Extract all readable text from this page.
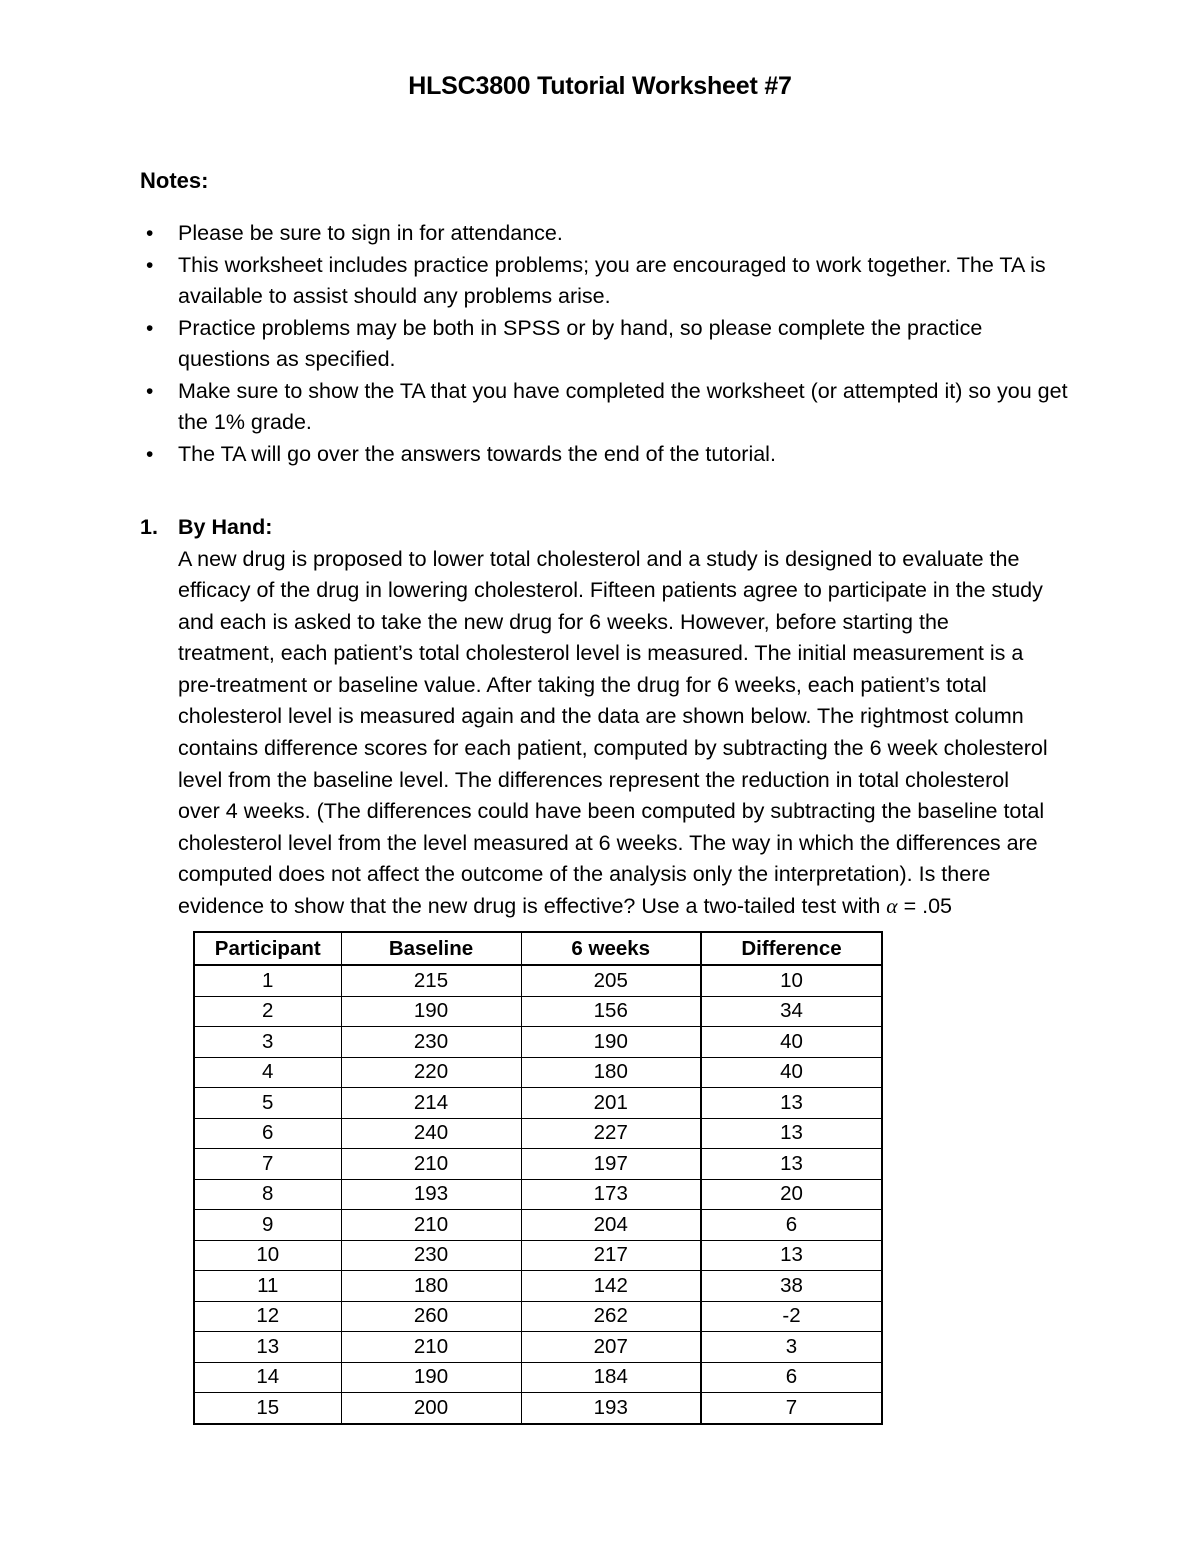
HLSC3800 Tutorial Worksheet #7
Notes:
• Please be sure to sign in for attendance.
• This worksheet includes practice problems; you are encouraged to work together. The TA is available to assist should any problems arise.
• Practice problems may be both in SPSS or by hand, so please complete the practice questions as specified.
• Make sure to show the TA that you have completed the worksheet (or attempted it) so you get the 1% grade.
• The TA will go over the answers towards the end of the tutorial.
1. By Hand:
A new drug is proposed to lower total cholesterol and a study is designed to evaluate the
efficacy of the drug in lowering cholesterol. Fifteen patients agree to participate in the study
and each is asked to take the new drug for 6 weeks. However, before starting the
treatment, each patient’s total cholesterol level is measured. The initial measurement is a
pre-treatment or baseline value. After taking the drug for 6 weeks, each patient’s total
cholesterol level is measured again and the data are shown below. The rightmost column
contains difference scores for each patient, computed by subtracting the 6 week cholesterol
level from the baseline level. The differences represent the reduction in total cholesterol
over 4 weeks. (The differences could have been computed by subtracting the baseline total
cholesterol level from the level measured at 6 weeks. The way in which the differences are
computed does not affect the outcome of the analysis only the interpretation). Is there
evidence to show that the new drug is effective? Use a two-tailed test with α = .05
Participant	Baseline	6 weeks	Difference
1	215	205	10
2	190	156	34
3	230	190	40
4	220	180	40
5	214	201	13
6	240	227	13
7	210	197	13
8	193	173	20
9	210	204	6
10	230	217	13
11	180	142	38
12	260	262	-2
13	210	207	3
14	190	184	6
15	200	193	7
